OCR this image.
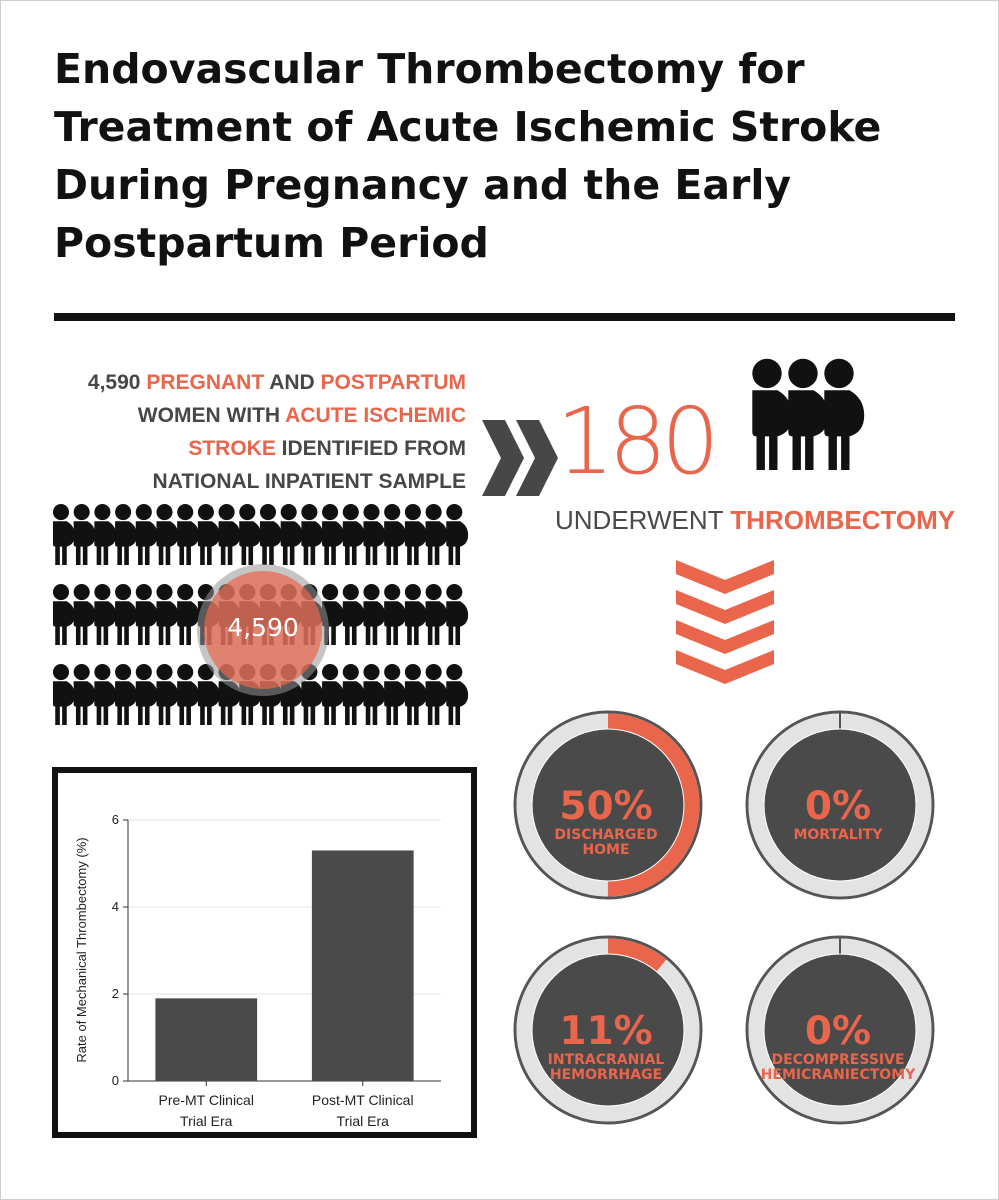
Endovascular Thrombectomy for
Treatment of Acute Ischemic Stroke
During Pregnancy and the Early
Postpartum Period
4,590 PREGNANT AND POSTPARTUM
WOMEN WITH ACUTE ISCHEMIC
STROKE IDENTIFIED FROM
NATIONAL INPATIENT SAMPLE
4,590
180
UNDERWENT THROMBECTOMY
50%
DISCHARGED
HOME
0%
MORTALITY
11%
INTRACRANIAL
HEMORRHAGE
0%
DECOMPRESSIVE
HEMICRANIECTOMY
0
2
4
6
Pre-MT Clinical Trial Era
Post-MT Clinical Trial Era
Rate of Mechanical Thrombectomy (%)
